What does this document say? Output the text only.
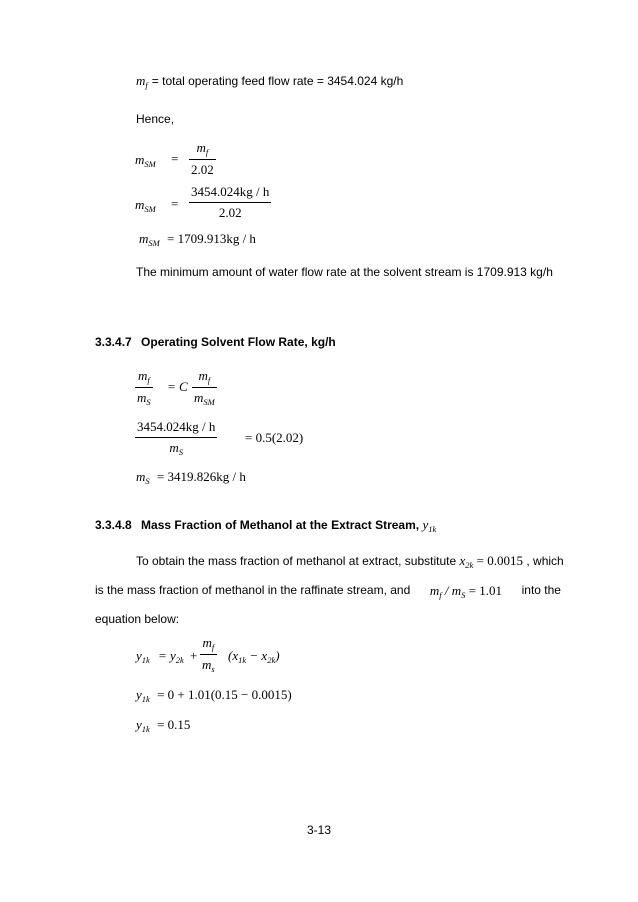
$m_f$ = total operating feed flow rate = 3454.024 kg/h
Hence,
$m_{SM} = \frac{m_f}{2.02}$
$m_{SM} = \frac{3454.024kg / h}{2.02}$
$m_{SM} = 1709.913kg / h$
The minimum amount of water flow rate at the solvent stream is 1709.913 kg/h
3.3.4.7 Operating Solvent Flow Rate, kg/h
$\frac{m_f}{m_S} = C$
$m_f$
$m_{SM}$
$\frac{3454.024kg / h}{m_S} = 0.5(2.02)$
$m_S = 3419.826kg / h$
3.3.4.8 Mass Fraction of Methanol at the Extract Stream, $y_{1k}$
To obtain the mass fraction of methanol at extract, substitute $x_{2k} = 0.0015$ , which
is the mass fraction of methanol in the raffinate stream, and $m_f / m_S = 1.01$ into the
equation below:
$y_{1k} = y_{2k} + \frac{m_f}{m_s} (x_{1k} - x_{2k})$
$y_{1k} = 0 + 1.01(0.15 - 0.0015)$
$y_{1k} = 0.15$
3-13
